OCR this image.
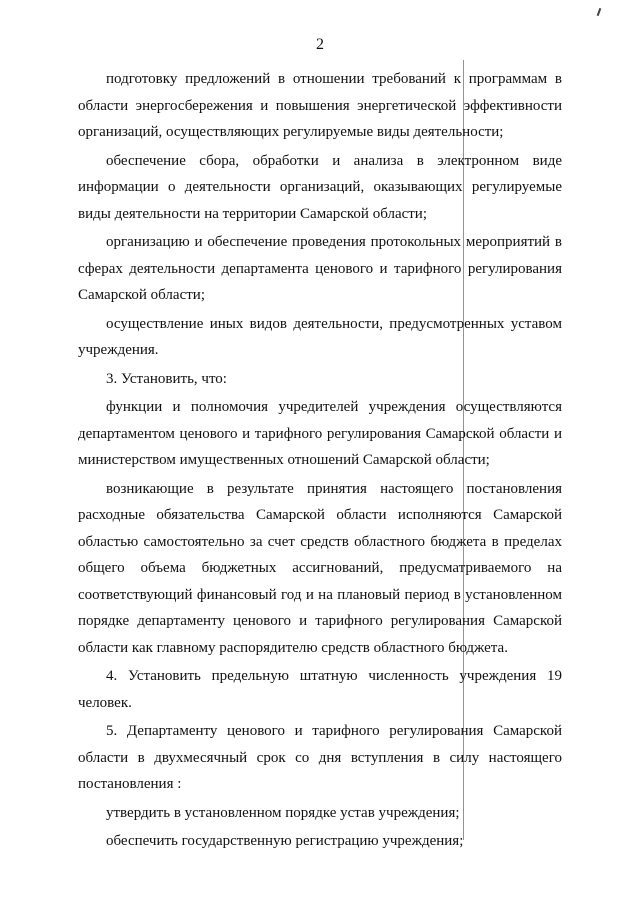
2

подготовку предложений в отношении требований к программам в области энергосбережения и повышения энергетической эффективности организаций, осуществляющих регулируемые виды деятельности;

обеспечение сбора, обработки и анализа в электронном виде информации о деятельности организаций, оказывающих регулируемые виды деятельности на территории Самарской области;

организацию и обеспечение проведения протокольных мероприятий в сферах деятельности департамента ценового и тарифного регулирования Самарской области;

осуществление иных видов деятельности, предусмотренных уставом учреждения.

3. Установить, что:

функции и полномочия учредителей учреждения осуществляются департаментом ценового и тарифного регулирования Самарской области и министерством имущественных отношений Самарской области;

возникающие в результате принятия настоящего постановления расходные обязательства Самарской области исполняются Самарской областью самостоятельно за счет средств областного бюджета в пределах общего объема бюджетных ассигнований, предусматриваемого на соответствующий финансовый год и на плановый период в установленном порядке департаменту ценового и тарифного регулирования Самарской области как главному распорядителю средств областного бюджета.

4. Установить предельную штатную численность учреждения 19 человек.

5. Департаменту ценового и тарифного регулирования Самарской области в двухмесячный срок со дня вступления в силу настоящего постановления :

утвердить в установленном порядке устав учреждения;

обеспечить государственную регистрацию учреждения;
